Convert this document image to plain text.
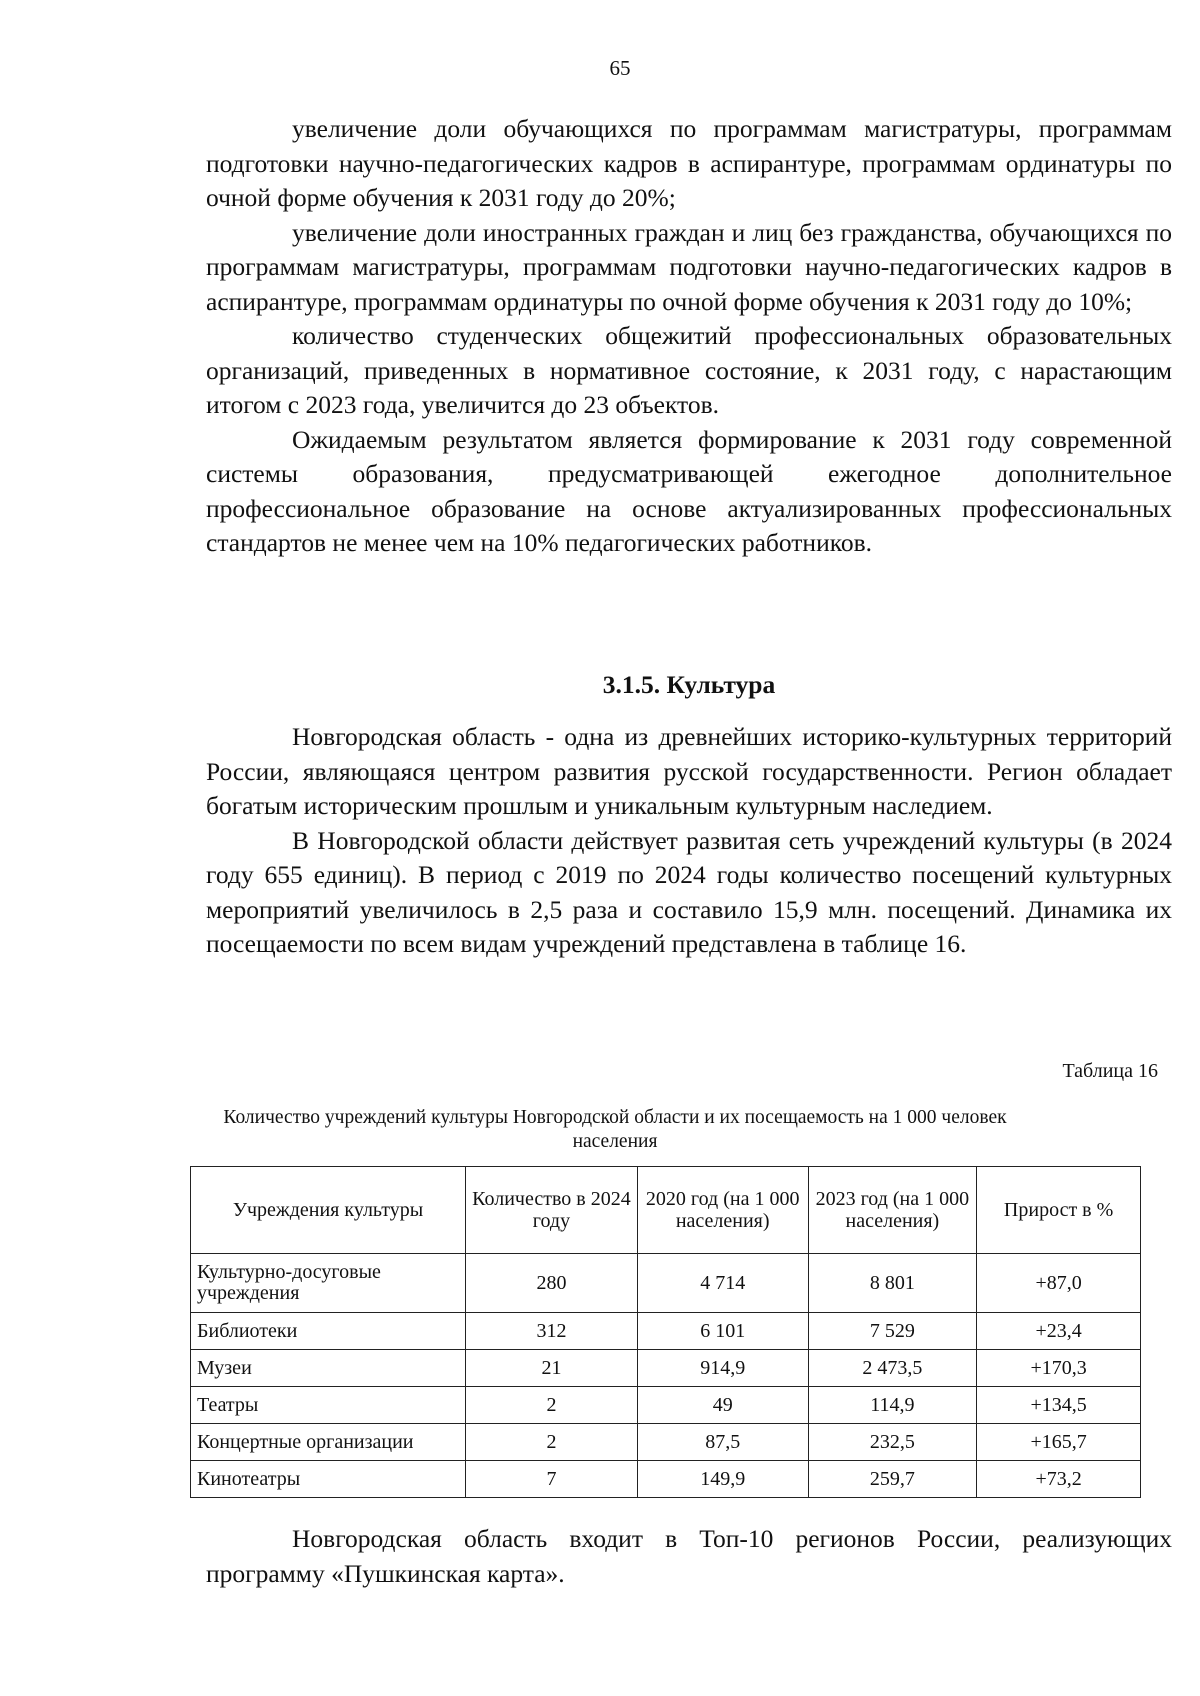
65

увеличение доли обучающихся по программам магистратуры, программам подготовки научно-педагогических кадров в аспирантуре, программам ординатуры по очной форме обучения к 2031 году до 20%;

увеличение доли иностранных граждан и лиц без гражданства, обучающихся по программам магистратуры, программам подготовки научно-педагогических кадров в аспирантуре, программам ординатуры по очной форме обучения к 2031 году до 10%;

количество студенческих общежитий профессиональных образовательных организаций, приведенных в нормативное состояние, к 2031 году, с нарастающим итогом с 2023 года, увеличится до 23 объектов.

Ожидаемым результатом является формирование к 2031 году современной системы образования, предусматривающей ежегодное дополнительное профессиональное образование на основе актуализированных профессиональных стандартов не менее чем на 10% педагогических работников.

3.1.5. Культура

Новгородская область - одна из древнейших историко-культурных территорий России, являющаяся центром развития русской государственности. Регион обладает богатым историческим прошлым и уникальным культурным наследием.

В Новгородской области действует развитая сеть учреждений культуры (в 2024 году 655 единиц). В период с 2019 по 2024 годы количество посещений культурных мероприятий увеличилось в 2,5 раза и составило 15,9 млн. посещений. Динамика их посещаемости по всем видам учреждений представлена в таблице 16.

Таблица 16
Количество учреждений культуры Новгородской области и их посещаемость на 1 000 человек населения
Учреждения культуры	Количество в 2024 году	2020 год (на 1 000 населения)	2023 год (на 1 000 населения)	Прирост в %
Культурно-досуговые учреждения	280	4 714	8 801	+87,0
Библиотеки	312	6 101	7 529	+23,4
Музеи	21	914,9	2 473,5	+170,3
Театры	2	49	114,9	+134,5
Концертные организации	2	87,5	232,5	+165,7
Кинотеатры	7	149,9	259,7	+73,2

Новгородская область входит в Топ-10 регионов России, реализующих программу «Пушкинская карта».
